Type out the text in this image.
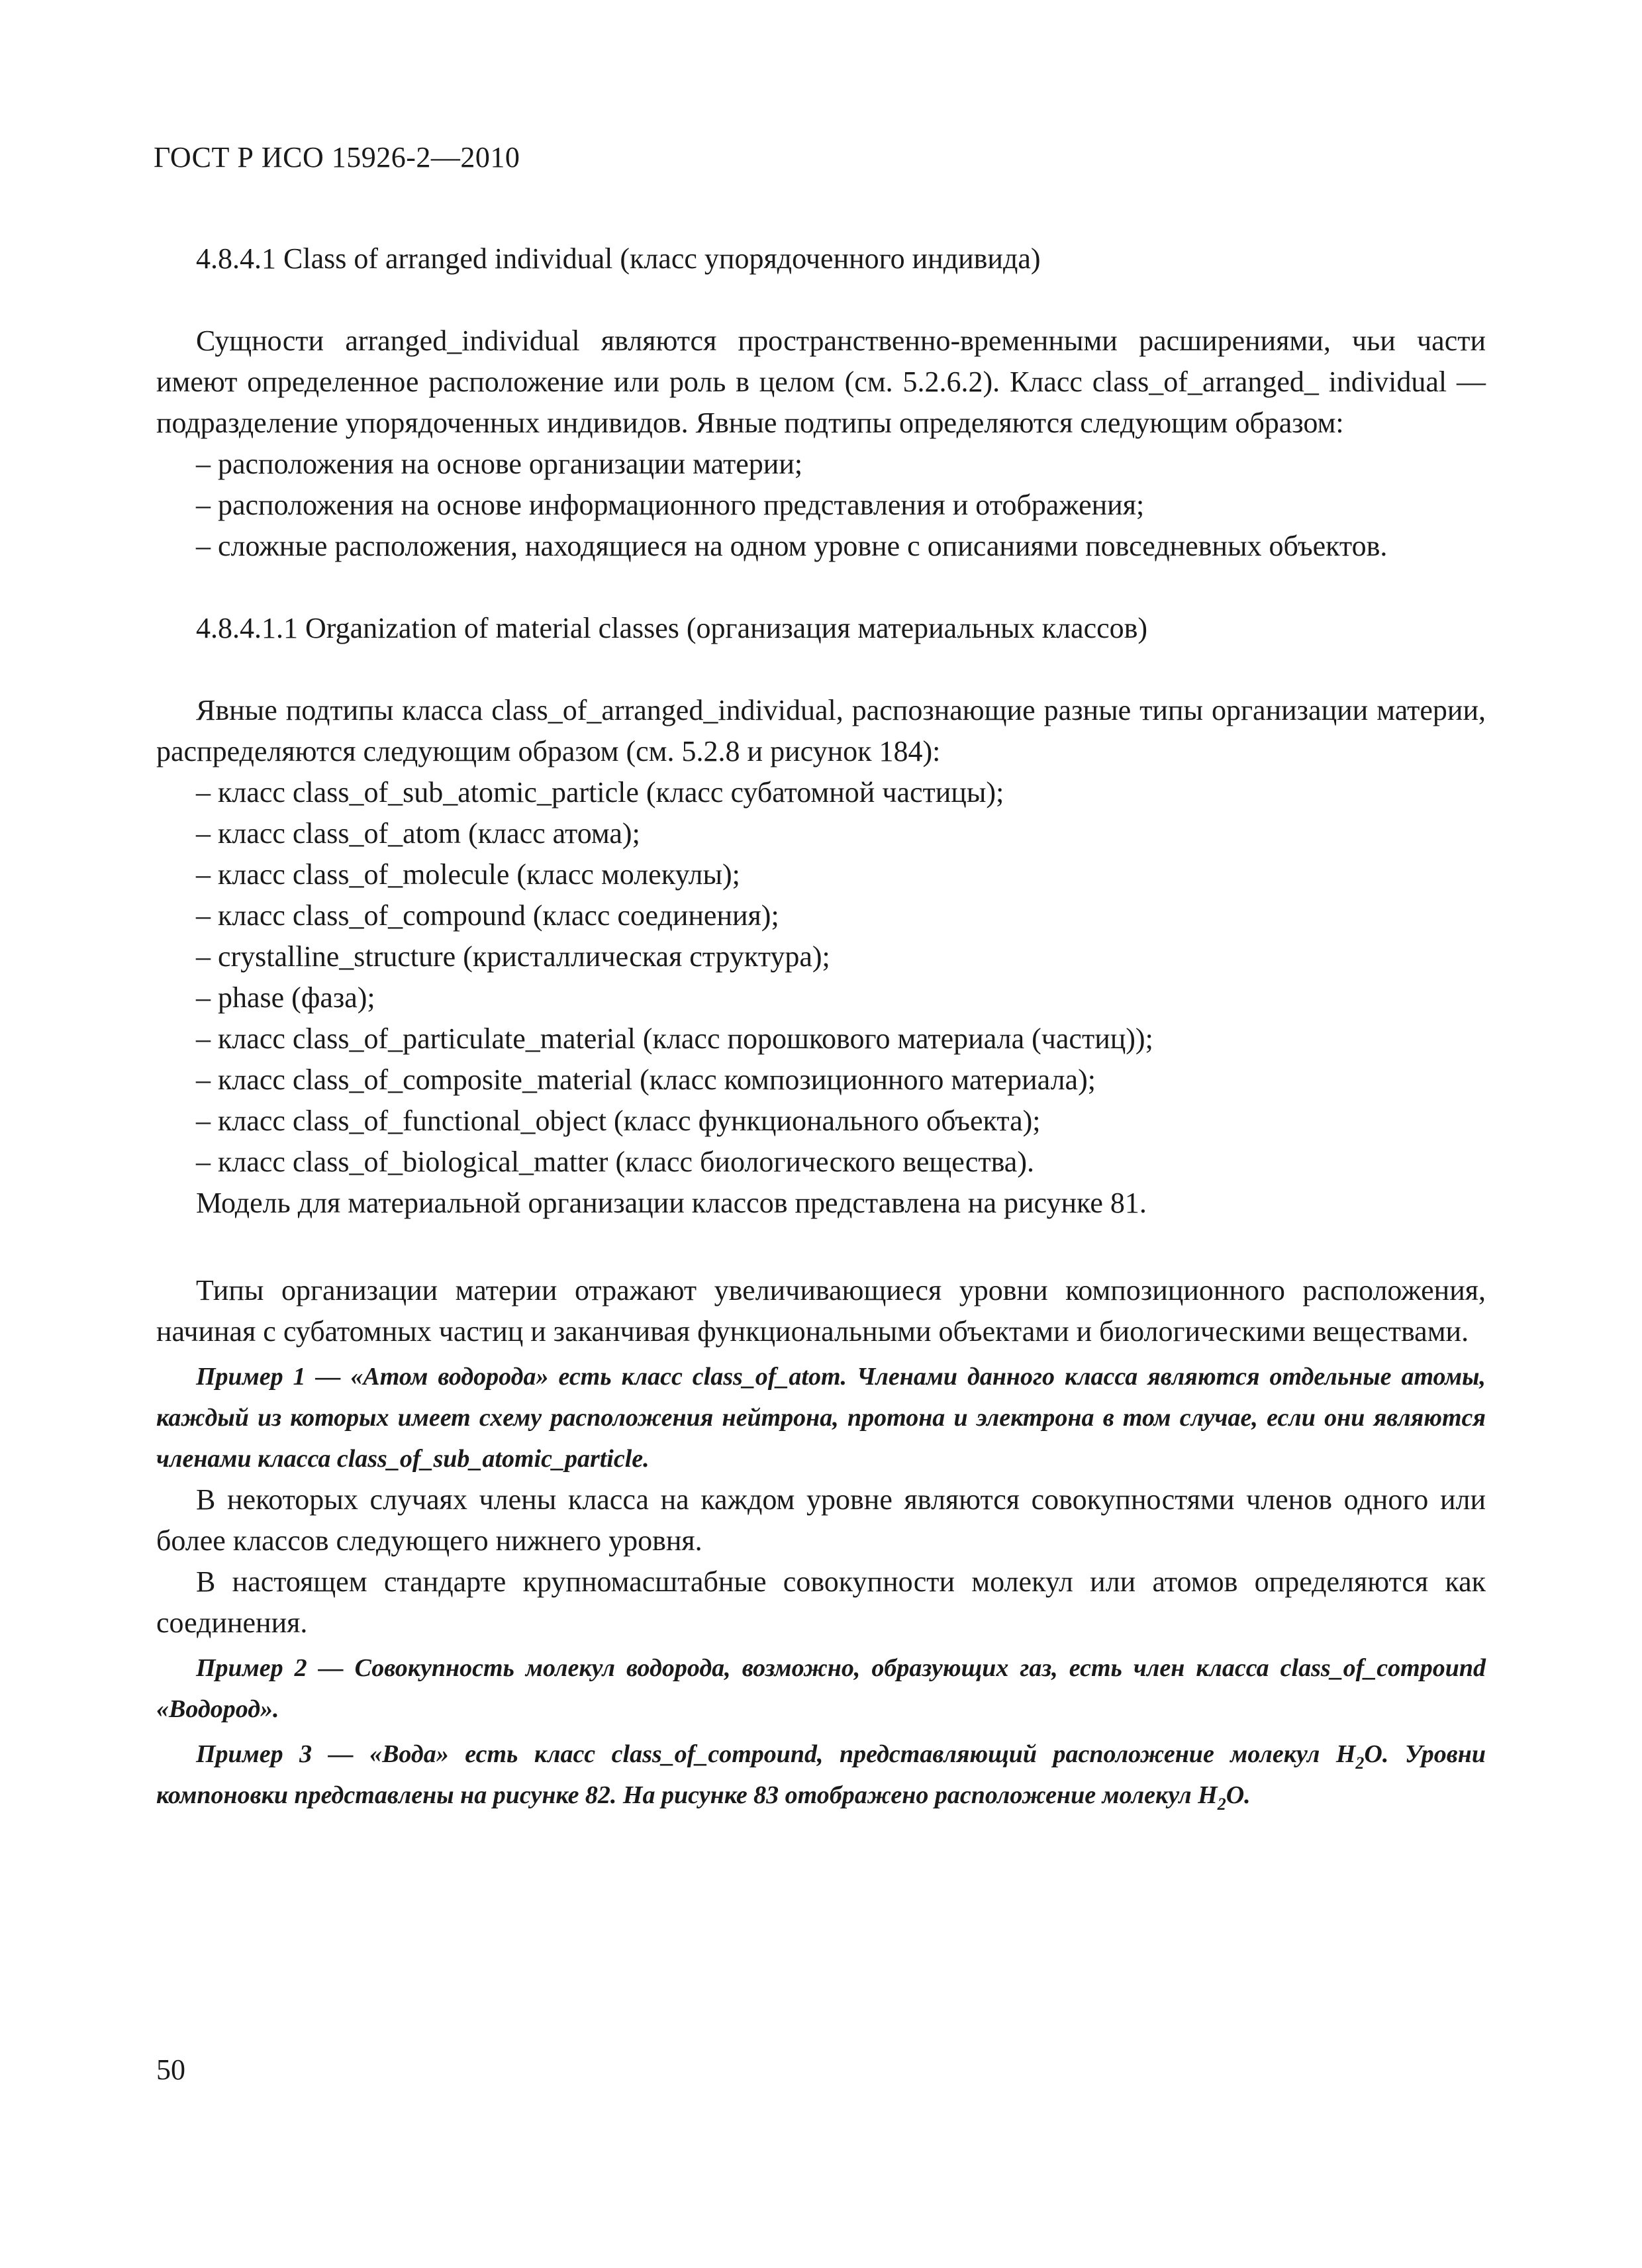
ГОСТ Р ИСО 15926-2—2010

4.8.4.1 Class of arranged individual (класс упорядоченного индивида)

Сущности arranged_individual являются пространственно-временными расширениями, чьи части имеют определенное расположение или роль в целом (см. 5.2.6.2). Класс class_of_arranged_ individual — подразделение упорядоченных индивидов. Явные подтипы определяются следующим образом:

– расположения на основе организации материи;

– расположения на основе информационного представления и отображения;

– сложные расположения, находящиеся на одном уровне с описаниями повседневных объектов.

4.8.4.1.1 Organization of material classes (организация материальных классов)

Явные подтипы класса class_of_arranged_individual, распознающие разные типы организации материи, распределяются следующим образом (см. 5.2.8 и рисунок 184):

– класс class_of_sub_atomic_particle (класс субатомной частицы);

– класс class_of_atom (класс атома);

– класс class_of_molecule (класс молекулы);

– класс class_of_compound (класс соединения);

– crystalline_structure (кристаллическая структура);

– phase (фаза);

– класс class_of_particulate_material (класс порошкового материала (частиц));

– класс class_of_composite_material (класс композиционного материала);

– класс class_of_functional_object (класс функционального объекта);

– класс class_of_biological_matter (класс биологического вещества).

Модель для материальной организации классов представлена на рисунке 81.

Типы организации материи отражают увеличивающиеся уровни композиционного расположения, начиная с субатомных частиц и заканчивая функциональными объектами и биологическими веществами.

Пример 1 — «Атом водорода» есть класс class_of_atom. Членами данного класса являются отдельные атомы, каждый из которых имеет схему расположения нейтрона, протона и электрона в том случае, если они являются членами класса class_of_sub_atomic_particle.

В некоторых случаях члены класса на каждом уровне являются совокупностями членов одного или более классов следующего нижнего уровня.

В настоящем стандарте крупномасштабные совокупности молекул или атомов определяются как соединения.

Пример 2 — Совокупность молекул водорода, возможно, образующих газ, есть член класса class_of_compound «Водород».

Пример 3 — «Вода» есть класс class_of_compound, представляющий расположение молекул $H_2O$. Уровни компоновки представлены на рисунке 82. На рисунке 83 отображено расположение молекул $H_2O$.

50
